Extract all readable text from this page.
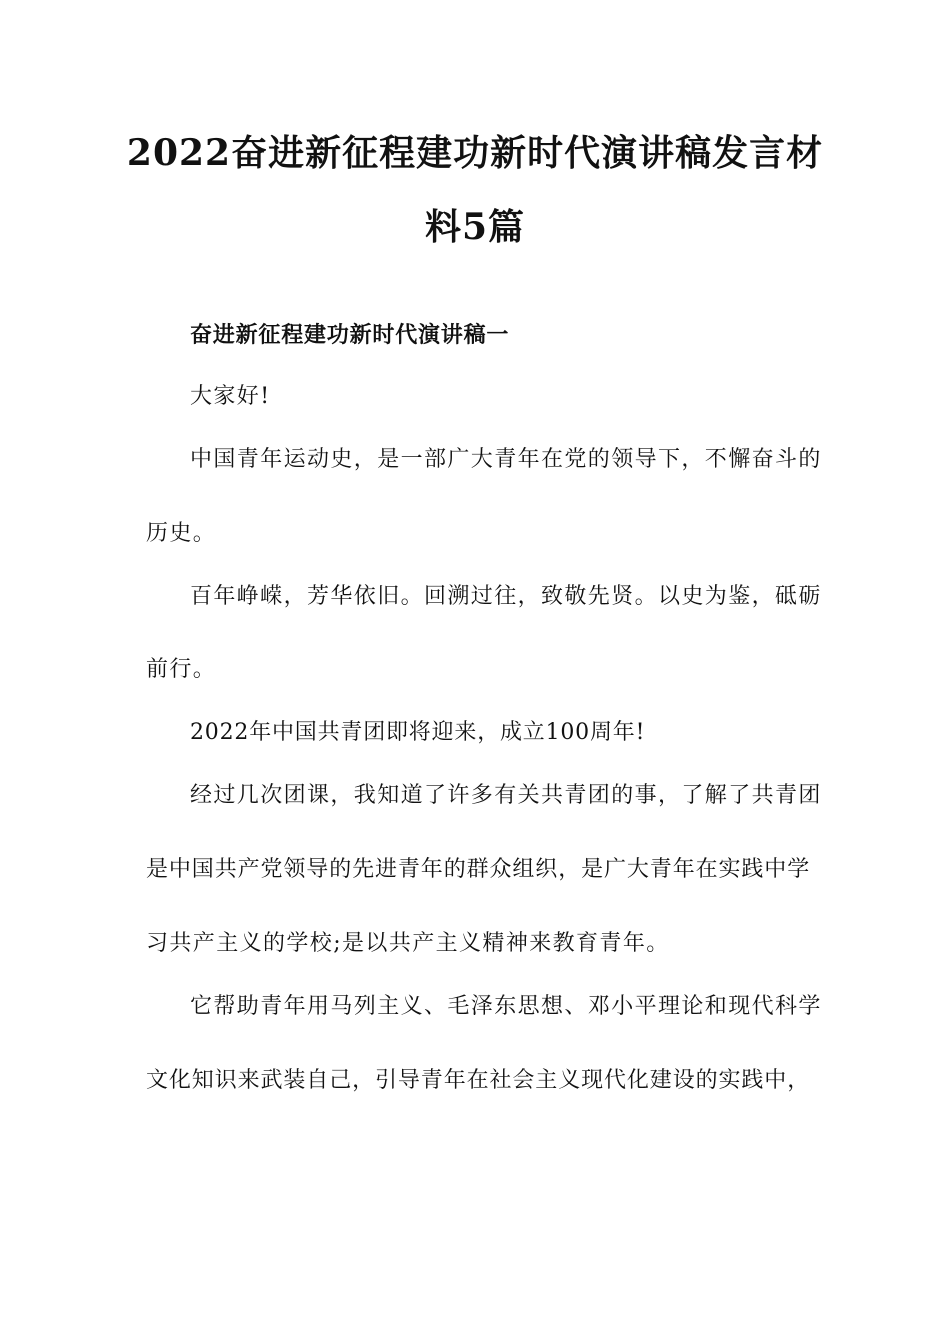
2022奋进新征程建功新时代演讲稿发言材
料5篇
奋进新征程建功新时代演讲稿一
大家好!
中国青年运动史，是一部广大青年在党的领导下，不懈奋斗的
历史。
百年峥嵘，芳华依旧。回溯过往，致敬先贤。以史为鉴，砥砺
前行。
2022年中国共青团即将迎来，成立100周年!
经过几次团课，我知道了许多有关共青团的事，了解了共青团
是中国共产党领导的先进青年的群众组织，是广大青年在实践中学
习共产主义的学校;是以共产主义精神来教育青年。
它帮助青年用马列主义、毛泽东思想、邓小平理论和现代科学
文化知识来武装自己，引导青年在社会主义现代化建设的实践中，
